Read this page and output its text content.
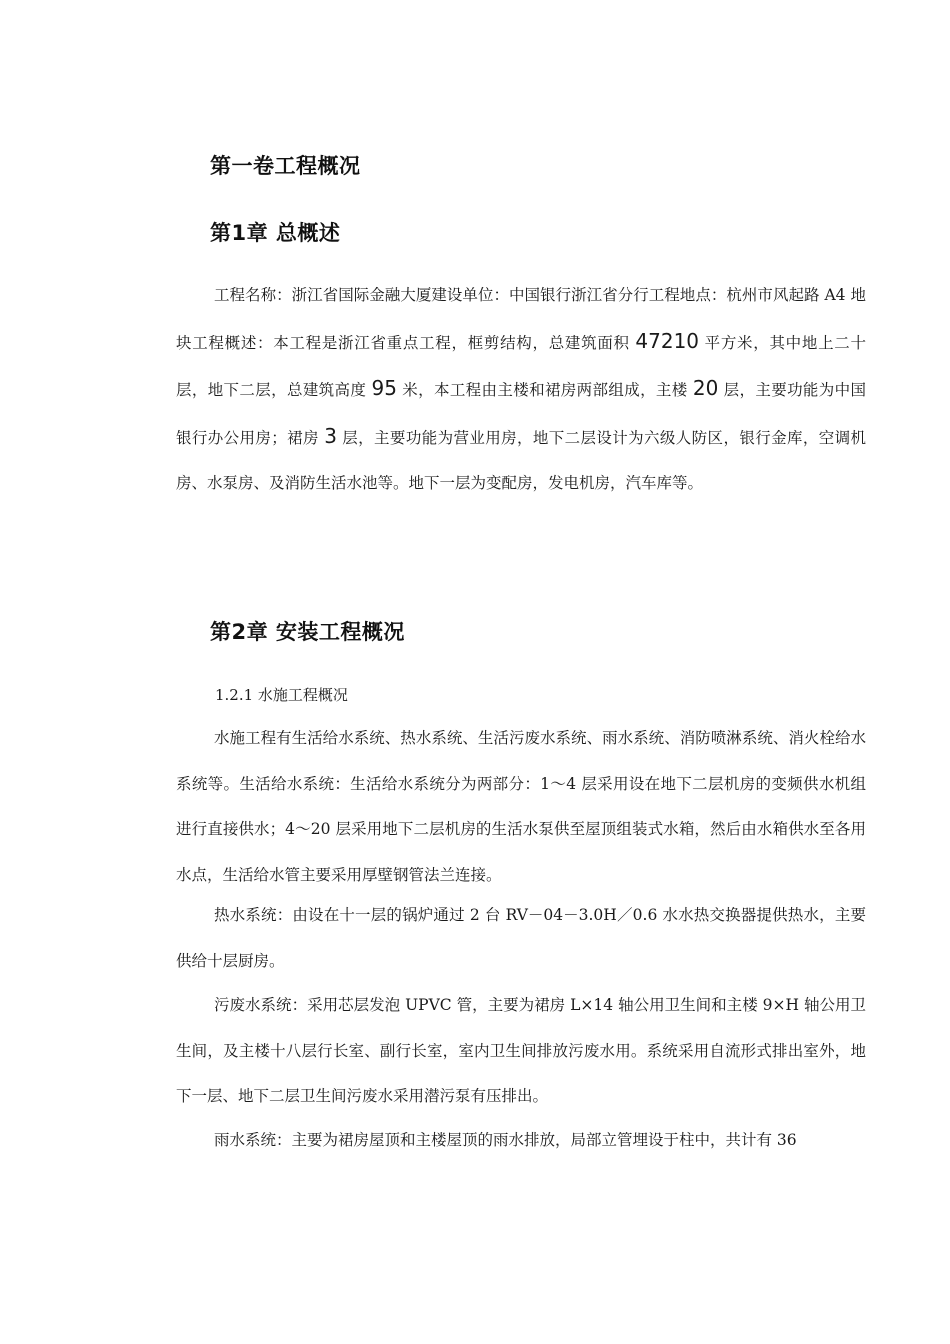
第一卷工程概况
第1章 总概述
工程名称：浙江省国际金融大厦建设单位：中国银行浙江省分行工程地点：杭州市风起路 A4 地块工程概述：本工程是浙江省重点工程，框剪结构，总建筑面积 47210 平方米，其中地上二十层，地下二层，总建筑高度 95 米，本工程由主楼和裙房两部组成，主楼 20 层，主要功能为中国银行办公用房；裙房 3 层，主要功能为营业用房，地下二层设计为六级人防区，银行金库，空调机房、水泵房、及消防生活水池等。地下一层为变配房，发电机房，汽车库等。
第2章 安装工程概况
1.2.1 水施工程概况
水施工程有生活给水系统、热水系统、生活污废水系统、雨水系统、消防喷淋系统、消火栓给水系统等。生活给水系统：生活给水系统分为两部分：1～4 层采用设在地下二层机房的变频供水机组进行直接供水；4～20 层采用地下二层机房的生活水泵供至屋顶组装式水箱，然后由水箱供水至各用水点，生活给水管主要采用厚壁钢管法兰连接。
热水系统：由设在十一层的锅炉通过 2 台 RV－04－3.0H／0.6 水水热交换器提供热水，主要供给十层厨房。
污废水系统：采用芯层发泡 UPVC 管，主要为裙房 L×14 轴公用卫生间和主楼 9×H 轴公用卫生间，及主楼十八层行长室、副行长室，室内卫生间排放污废水用。系统采用自流形式排出室外，地下一层、地下二层卫生间污废水采用潜污泵有压排出。
雨水系统：主要为裙房屋顶和主楼屋顶的雨水排放，局部立管埋设于柱中，共计有 36
